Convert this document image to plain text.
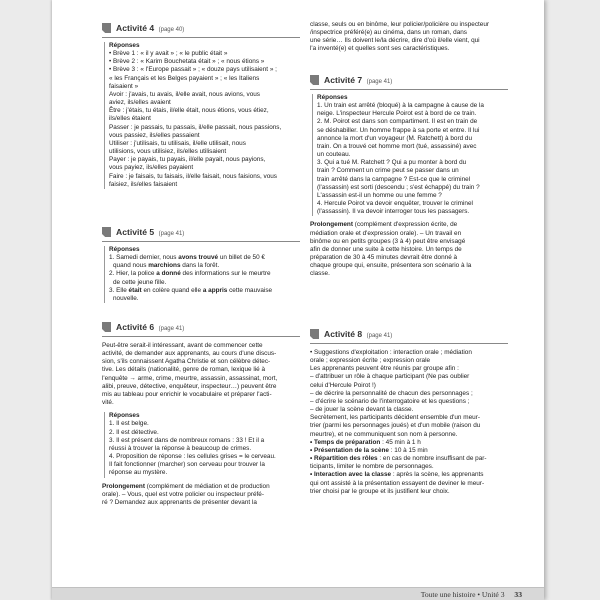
Activité 4 (page 40)
Réponses
• Brève 1 : « il y avait » ; « le public était »
• Brève 2 : « Karim Bouchetata était » ; « nous étions »
• Brève 3 : « l'Europe passait » ; « douze pays utilisaient » ;
« les Français et les Belges payaient » ; « les Italiens
faisaient »
Avoir : j'avais, tu avais, il/elle avait, nous avions, vous
aviez, ils/elles avaient
Être : j'étais, tu étais, il/elle était, nous étions, vous étiez,
ils/elles étaient
Passer : je passais, tu passais, il/elle passait, nous passions,
vous passiez, ils/elles passaient
Utiliser : j'utilisais, tu utilisais, il/elle utilisait, nous
utilisions, vous utilisiez, ils/elles utilisaient
Payer : je payais, tu payais, il/elle payait, nous payions,
vous payiez, ils/elles payaient
Faire : je faisais, tu faisais, il/elle faisait, nous faisions, vous
faisiez, ils/elles faisaient
Activité 5 (page 41)
Réponses
1. Samedi dernier, nous avons trouvé un billet de 50 €
quand nous marchions dans la forêt.
2. Hier, la police a donné des informations sur le meurtre
de cette jeune fille.
3. Elle était en colère quand elle a appris cette mauvaise
nouvelle.
Activité 6 (page 41)
Peut-être serait-il intéressant, avant de commencer cette
activité, de demander aux apprenants, au cours d'une discus-
sion, s'ils connaissent Agatha Christie et son célèbre détec-
tive. Les détails (nationalité, genre de roman, lexique lié à
l'enquête → arme, crime, meurtre, assassin, assassinat, mort,
alibi, preuve, détective, enquêteur, inspecteur…) peuvent être
mis au tableau pour enrichir le vocabulaire et préparer l'acti-
vité.
Réponses
1. Il est belge.
2. Il est détective.
3. Il est présent dans de nombreux romans : 33 ! Et il a
réussi à trouver la réponse à beaucoup de crimes.
4. Proposition de réponse : les cellules grises = le cerveau.
Il fait fonctionner (marcher) son cerveau pour trouver la
réponse au mystère.
Prolongement (complément de médiation et de production
orale). – Vous, quel est votre policier ou inspecteur préfé-
ré ? Demandez aux apprenants de présenter devant la
classe, seuls ou en binôme, leur policier/policière ou inspecteur
/inspectrice préféré(e) au cinéma, dans un roman, dans
une série… Ils doivent le/la décrire, dire d'où il/elle vient, qui
l'a inventé(e) et quelles sont ses caractéristiques.
Activité 7 (page 41)
Réponses
1. Un train est arrêté (bloqué) à la campagne à cause de la
neige. L'inspecteur Hercule Poirot est à bord de ce train.
2. M. Poirot est dans son compartiment. Il est en train de
se déshabiller. Un homme frappe à sa porte et entre. Il lui
annonce la mort d'un voyageur (M. Ratchett) à bord du
train. On a trouvé cet homme mort (tué, assassiné) avec
un couteau.
3. Qui a tué M. Ratchett ? Qui a pu monter à bord du
train ? Comment un crime peut se passer dans un
train arrêté dans la campagne ? Est-ce que le criminel
(l'assassin) est sorti (descendu ; s'est échappé) du train ?
L'assassin est-il un homme ou une femme ?
4. Hercule Poirot va devoir enquêter, trouver le criminel
(l'assassin). Il va devoir interroger tous les passagers.
Prolongement (complément d'expression écrite, de
médiation orale et d'expression orale). – Un travail en
binôme ou en petits groupes (3 à 4) peut être envisagé
afin de donner une suite à cette histoire. Un temps de
préparation de 30 à 45 minutes devrait être donné à
chaque groupe qui, ensuite, présentera son scénario à la
classe.
Activité 8 (page 41)
• Suggestions d'exploitation : interaction orale ; médiation
orale ; expression écrite ; expression orale
Les apprenants peuvent être réunis par groupe afin :
– d'attribuer un rôle à chaque participant (Ne pas oublier
celui d'Hercule Poirot !)
– de décrire la personnalité de chacun des personnages ;
– d'écrire le scénario de l'interrogatoire et les questions ;
– de jouer la scène devant la classe.
Secrètement, les participants décident ensemble d'un meur-
trier (parmi les personnages joués) et d'un mobile (raison du
meurtre), et ne communiquent son nom à personne.
• Temps de préparation : 45 min à 1 h
• Présentation de la scène : 10 à 15 min
• Répartition des rôles : en cas de nombre insuffisant de par-
ticipants, limiter le nombre de personnages.
• Interaction avec la classe : après la scène, les apprenants
qui ont assisté à la présentation essayent de deviner le meur-
trier choisi par le groupe et ils justifient leur choix.
Toute une histoire • Unité 3 33
